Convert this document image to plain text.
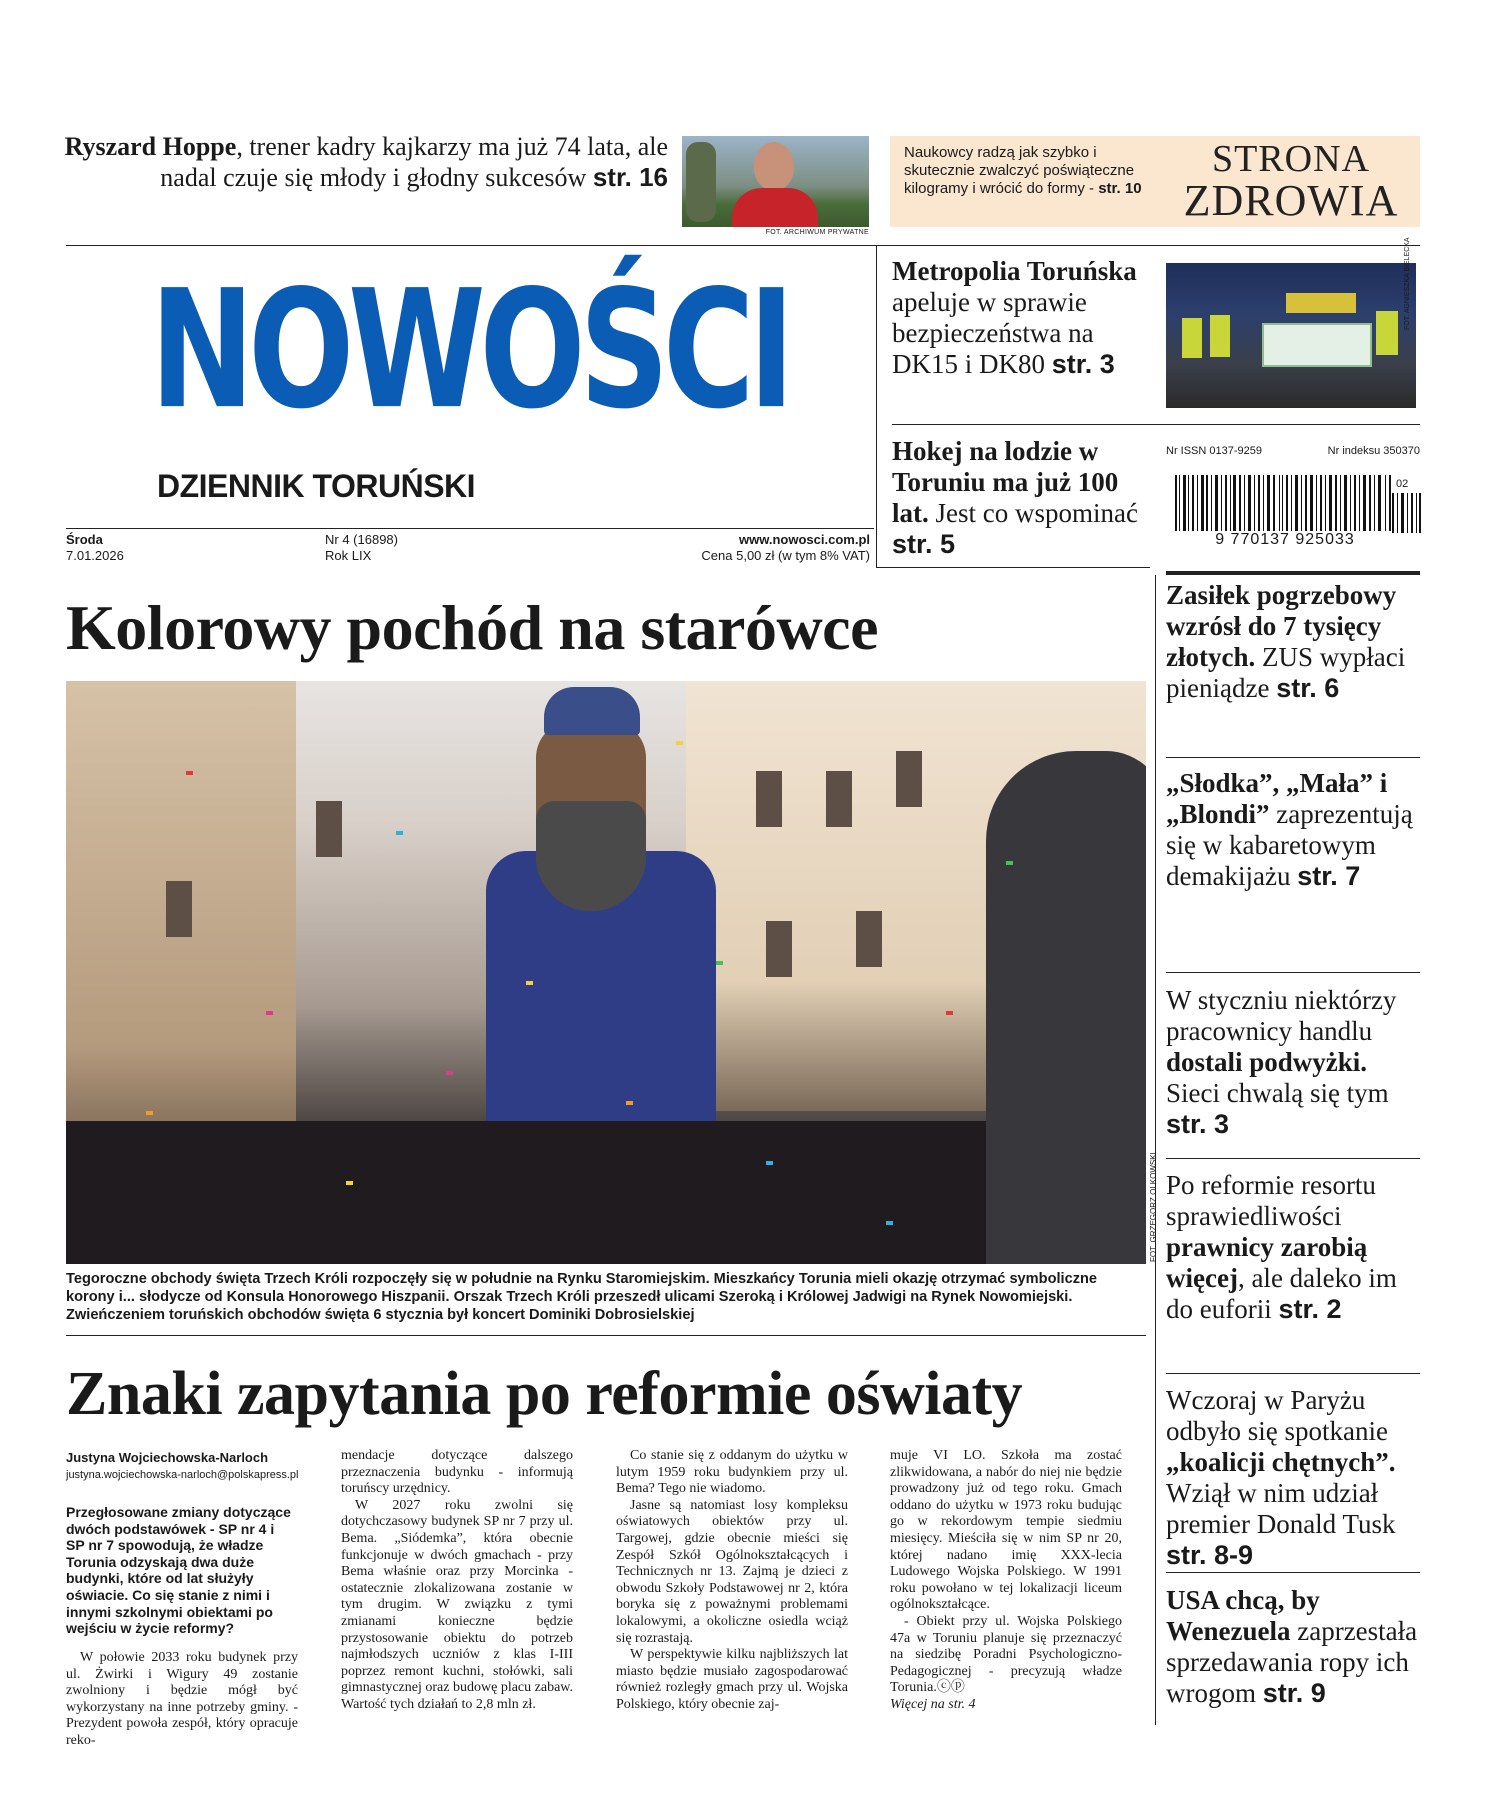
Ryszard Hoppe, trener kadry kajkarzy ma już 74 lata, ale nadal czuje się młody i głodny sukcesów str. 16
FOT. ARCHIWUM PRYWATNE
Naukowcy radzą jak szybko i skutecznie zwalczyć poświąteczne kilogramy i wrócić do formy - str. 10
STRONA
ZDROWIA
NOWOŚCI
DZIENNIK TORUŃSKI
Środa
7.01.2026
Nr 4 (16898)
Rok LIX
www.nowosci.com.pl
Cena 5,00 zł (w tym 8% VAT)
Metropolia Toruńska apeluje w sprawie bezpieczeństwa na DK15 i DK80 str. 3
FOT. AGNIESZKA BIELECKA
Hokej na lodzie w Toruniu ma już 100 lat. Jest co wspominać str. 5
Nr ISSN 0137-9259	Nr indeksu 350370
9 770137 925033
02
Kolorowy pochód na starówce
FOT. GRZEGORZ OLKOWSKI
Tegoroczne obchody święta Trzech Króli rozpoczęły się w południe na Rynku Staromiejskim. Mieszkańcy Torunia mieli okazję otrzymać symboliczne korony i... słodycze od Konsula Honorowego Hiszpanii. Orszak Trzech Króli przeszedł ulicami Szeroką i Królowej Jadwigi na Rynek Nowomiejski. Zwieńczeniem toruńskich obchodów święta 6 stycznia był koncert Dominiki Dobrosielskiej
Znaki zapytania po reformie oświaty
Justyna Wojciechowska-Narloch
justyna.wojciechowska-narloch@polskapress.pl
Przegłosowane zmiany dotyczące dwóch podstawówek - SP nr 4 i SP nr 7 spowodują, że władze Torunia odzyskają dwa duże budynki, które od lat służyły oświacie. Co się stanie z nimi i innymi szkolnymi obiektami po wejściu w życie reformy?

W połowie 2033 roku budynek przy ul. Żwirki i Wigury 49 zostanie zwolniony i będzie mógł być wykorzystany na inne potrzeby gminy. - Prezydent powoła zespół, który opracuje reko-

mendacje dotyczące dalszego przeznaczenia budynku - informują toruńscy urzędnicy.

W 2027 roku zwolni się dotychczasowy budynek SP nr 7 przy ul. Bema. „Siódemka”, która obecnie funkcjonuje w dwóch gmachach - przy Bema właśnie oraz przy Morcinka - ostatecznie zlokalizowana zostanie w tym drugim. W związku z tymi zmianami konieczne będzie przystosowanie obiektu do potrzeb najmłodszych uczniów z klas I-III poprzez remont kuchni, stołówki, sali gimnastycznej oraz budowę placu zabaw. Wartość tych działań to 2,8 mln zł.

Co stanie się z oddanym do użytku w lutym 1959 roku budynkiem przy ul. Bema? Tego nie wiadomo.

Jasne są natomiast losy kompleksu oświatowych obiektów przy ul. Targowej, gdzie obecnie mieści się Zespół Szkół Ogólnokształcących i Technicznych nr 13. Zajmą je dzieci z obwodu Szkoły Podstawowej nr 2, która boryka się z poważnymi problemami lokalowymi, a okoliczne osiedla wciąż się rozrastają.

W perspektywie kilku najbliższych lat miasto będzie musiało zagospodarować również rozległy gmach przy ul. Wojska Polskiego, który obecnie zaj-

muje VI LO. Szkoła ma zostać zlikwidowana, a nabór do niej nie będzie prowadzony już od tego roku. Gmach oddano do użytku w 1973 roku budując go w rekordowym tempie siedmiu miesięcy. Mieściła się w nim SP nr 20, której nadano imię XXX-lecia Ludowego Wojska Polskiego. W 1991 roku powołano w tej lokalizacji liceum ogólnokształcące.

- Obiekt przy ul. Wojska Polskiego 47a w Toruniu planuje się przeznaczyć na siedzibę Poradni Psychologiczno-Pedagogicznej - precyzują władze Torunia.ⓒⓟ

Więcej na str. 4

Zasiłek pogrzebowy wzrósł do 7 tysięcy złotych. ZUS wypłaci pieniądze str. 6
„Słodka”, „Mała” i „Blondi” zaprezentują się w kabaretowym demakijażu str. 7
W styczniu niektórzy pracownicy handlu dostali podwyżki. Sieci chwalą się tym str. 3
Po reformie resortu sprawiedliwości prawnicy zarobią więcej, ale daleko im do euforii str. 2
Wczoraj w Paryżu odbyło się spotkanie „koalicji chętnych”. Wziął w nim udział premier Donald Tusk str. 8-9
USA chcą, by Wenezuela zaprzestała sprzedawania ropy ich wrogom str. 9
